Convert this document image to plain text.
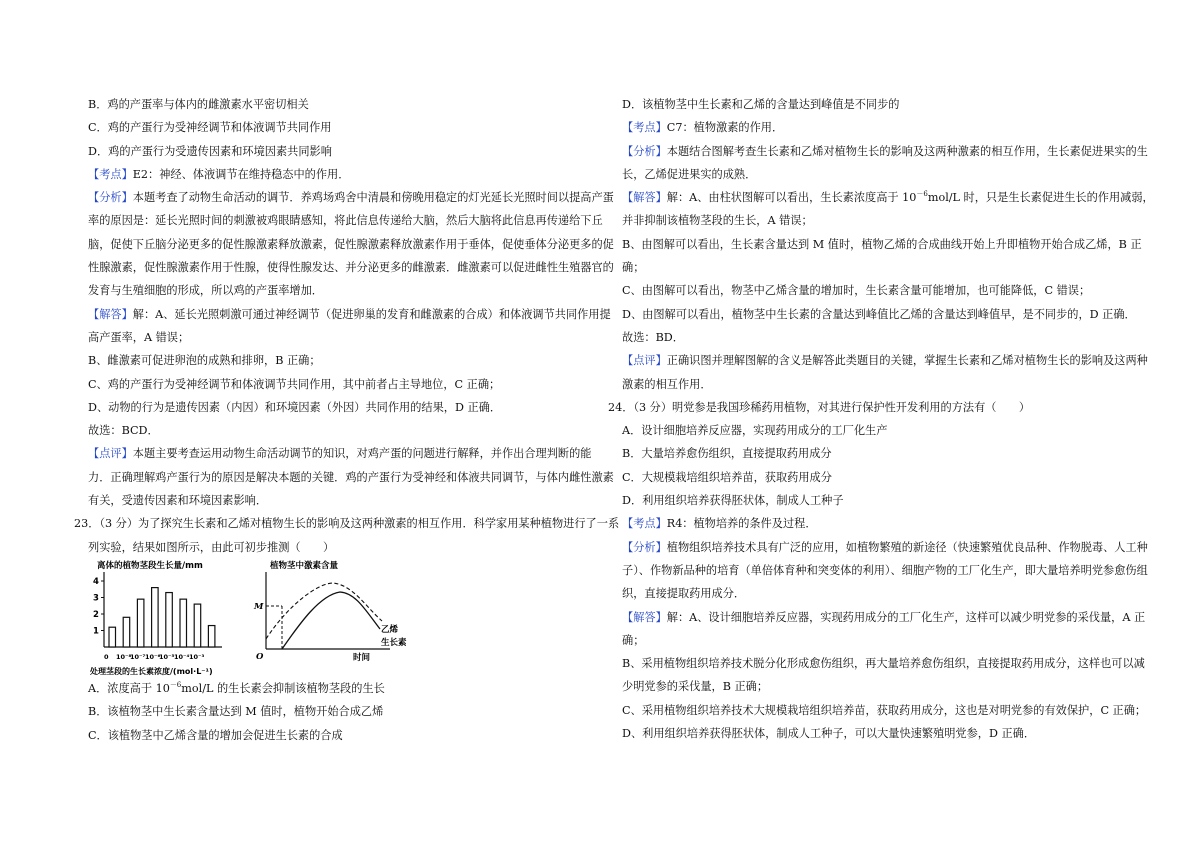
B．鸡的产蛋率与体内的雌激素水平密切相关
C．鸡的产蛋行为受神经调节和体液调节共同作用
D．鸡的产蛋行为受遗传因素和环境因素共同影响
【考点】E2：神经、体液调节在维持稳态中的作用．
【分析】本题考查了动物生命活动的调节．养鸡场鸡舍中清晨和傍晚用稳定的灯光延长光照时间以提高产蛋
率的原因是：延长光照时间的刺激被鸡眼睛感知，将此信息传递给大脑，然后大脑将此信息再传递给下丘
脑，促使下丘脑分泌更多的促性腺激素释放激素，促性腺激素释放激素作用于垂体，促使垂体分泌更多的促
性腺激素，促性腺激素作用于性腺，使得性腺发达、并分泌更多的雌激素．雌激素可以促进雌性生殖器官的
发育与生殖细胞的形成，所以鸡的产蛋率增加．
【解答】解：A、延长光照刺激可通过神经调节（促进卵巢的发育和雌激素的合成）和体液调节共同作用提
高产蛋率，A 错误；
B、雌激素可促进卵泡的成熟和排卵，B 正确；
C、鸡的产蛋行为受神经调节和体液调节共同作用，其中前者占主导地位，C 正确；
D、动物的行为是遗传因素（内因）和环境因素（外因）共同作用的结果，D 正确．
故选：BCD．
【点评】本题主要考查运用动物生命活动调节的知识，对鸡产蛋的问题进行解释，并作出合理判断的能
力．正确理解鸡产蛋行为的原因是解决本题的关键．鸡的产蛋行为受神经和体液共同调节，与体内雌性激素
有关，受遗传因素和环境因素影响．
23．（3 分）为了探究生长素和乙烯对植物生长的影响及这两种激素的相互作用．科学家用某种植物进行了一系
列实验，结果如图所示，由此可初步推测（　　）
离体的植物茎段生长量/mm
1
2
3
4
0 10⁻⁸
10⁻⁷ 10⁻⁶
10⁻⁵ 10⁻⁴ 10⁻³
处理茎段的生长素浓度/(mol·L⁻¹)
植物茎中激素含量
M
O
乙烯
生长素
时间
A．浓度高于 $10^{-6}mol/L$ 的生长素会抑制该植物茎段的生长
B．该植物茎中生长素含量达到 M 值时，植物开始合成乙烯
C．该植物茎中乙烯含量的增加会促进生长素的合成
D．该植物茎中生长素和乙烯的含量达到峰值是不同步的
【考点】C7：植物激素的作用．
【分析】本题结合图解考查生长素和乙烯对植物生长的影响及这两种激素的相互作用，生长素促进果实的生
长，乙烯促进果实的成熟．
【解答】解：A、由柱状图解可以看出，生长素浓度高于 $10^{-6}mol/L$ 时，只是生长素促进生长的作用减弱，
并非抑制该植物茎段的生长，A 错误；
B、由图解可以看出，生长素含量达到 M 值时，植物乙烯的合成曲线开始上升即植物开始合成乙烯，B 正
确；
C、由图解可以看出，物茎中乙烯含量的增加时，生长素含量可能增加，也可能降低，C 错误；
D、由图解可以看出，植物茎中生长素的含量达到峰值比乙烯的含量达到峰值早，是不同步的，D 正确．
故选：BD．
【点评】正确识图并理解图解的含义是解答此类题目的关键，掌握生长素和乙烯对植物生长的影响及这两种
激素的相互作用．
24．（3 分）明党参是我国珍稀药用植物，对其进行保护性开发利用的方法有（　　）
A．设计细胞培养反应器，实现药用成分的工厂化生产
B．大量培养愈伤组织，直接提取药用成分
C．大规模栽培组织培养苗，获取药用成分
D．利用组织培养获得胚状体，制成人工种子
【考点】R4：植物培养的条件及过程．
【分析】植物组织培养技术具有广泛的应用，如植物繁殖的新途径（快速繁殖优良品种、作物脱毒、人工种
子）、作物新品种的培育（单倍体育种和突变体的利用）、细胞产物的工厂化生产，即大量培养明党参愈伤组
织，直接提取药用成分．
【解答】解：A、设计细胞培养反应器，实现药用成分的工厂化生产，这样可以减少明党参的采伐量，A 正
确；
B、采用植物组织培养技术脱分化形成愈伤组织，再大量培养愈伤组织，直接提取药用成分，这样也可以减
少明党参的采伐量，B 正确；
C、采用植物组织培养技术大规模栽培组织培养苗，获取药用成分，这也是对明党参的有效保护，C 正确；
D、利用组织培养获得胚状体，制成人工种子，可以大量快速繁殖明党参，D 正确．
